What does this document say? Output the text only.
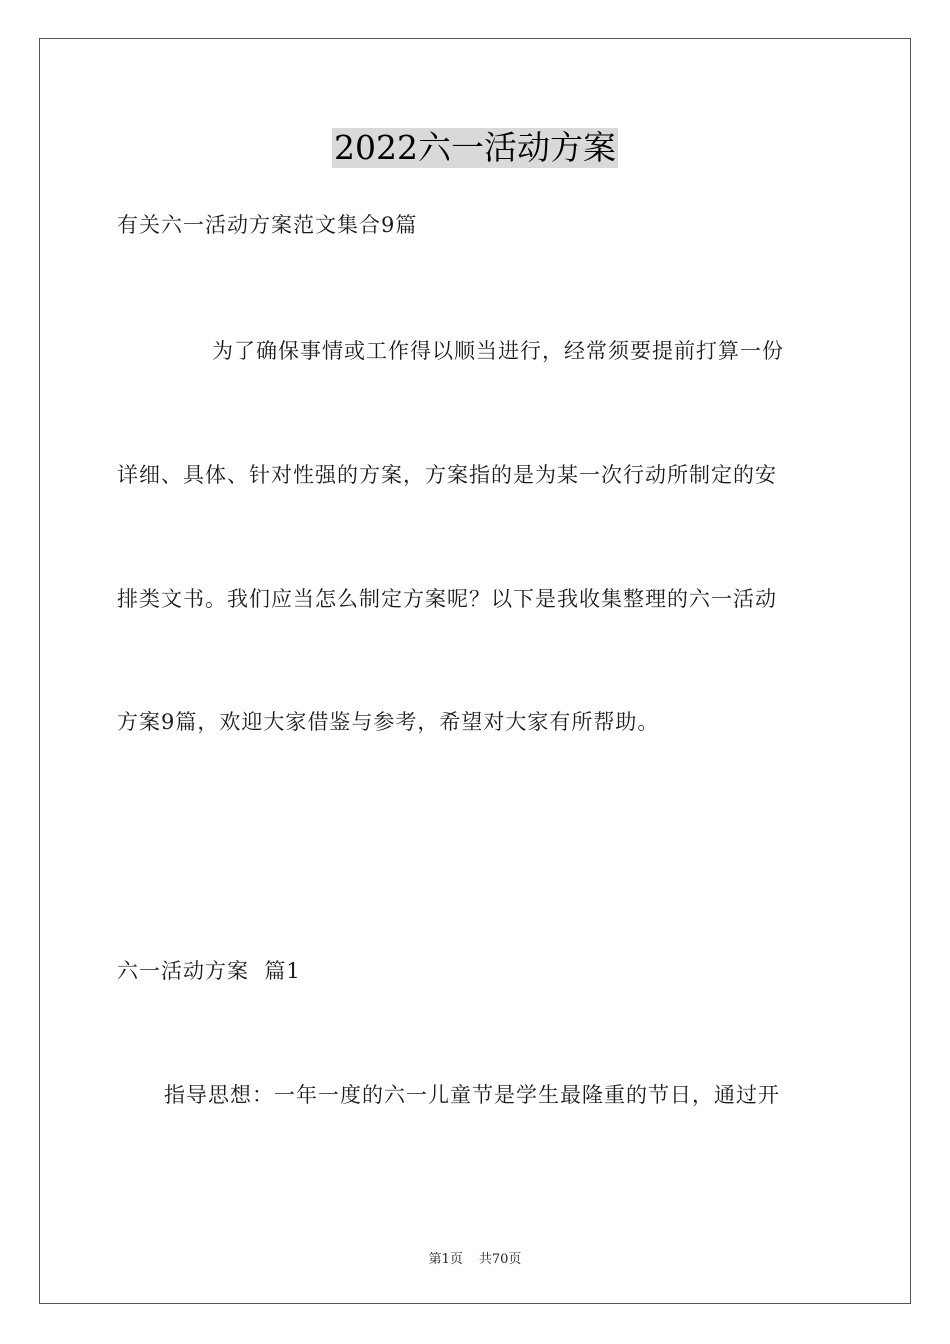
2022六一活动方案

有关六一活动方案范文集合9篇

为了确保事情或工作得以顺当进行，经常须要提前打算一份

详细、具体、针对性强的方案，方案指的是为某一次行动所制定的安

排类文书。我们应当怎么制定方案呢？以下是我收集整理的六一活动

方案9篇，欢迎大家借鉴与参考，希望对大家有所帮助。

六一活动方案  篇1

指导思想：一年一度的六一儿童节是学生最隆重的节日，通过开

第1页 共70页
